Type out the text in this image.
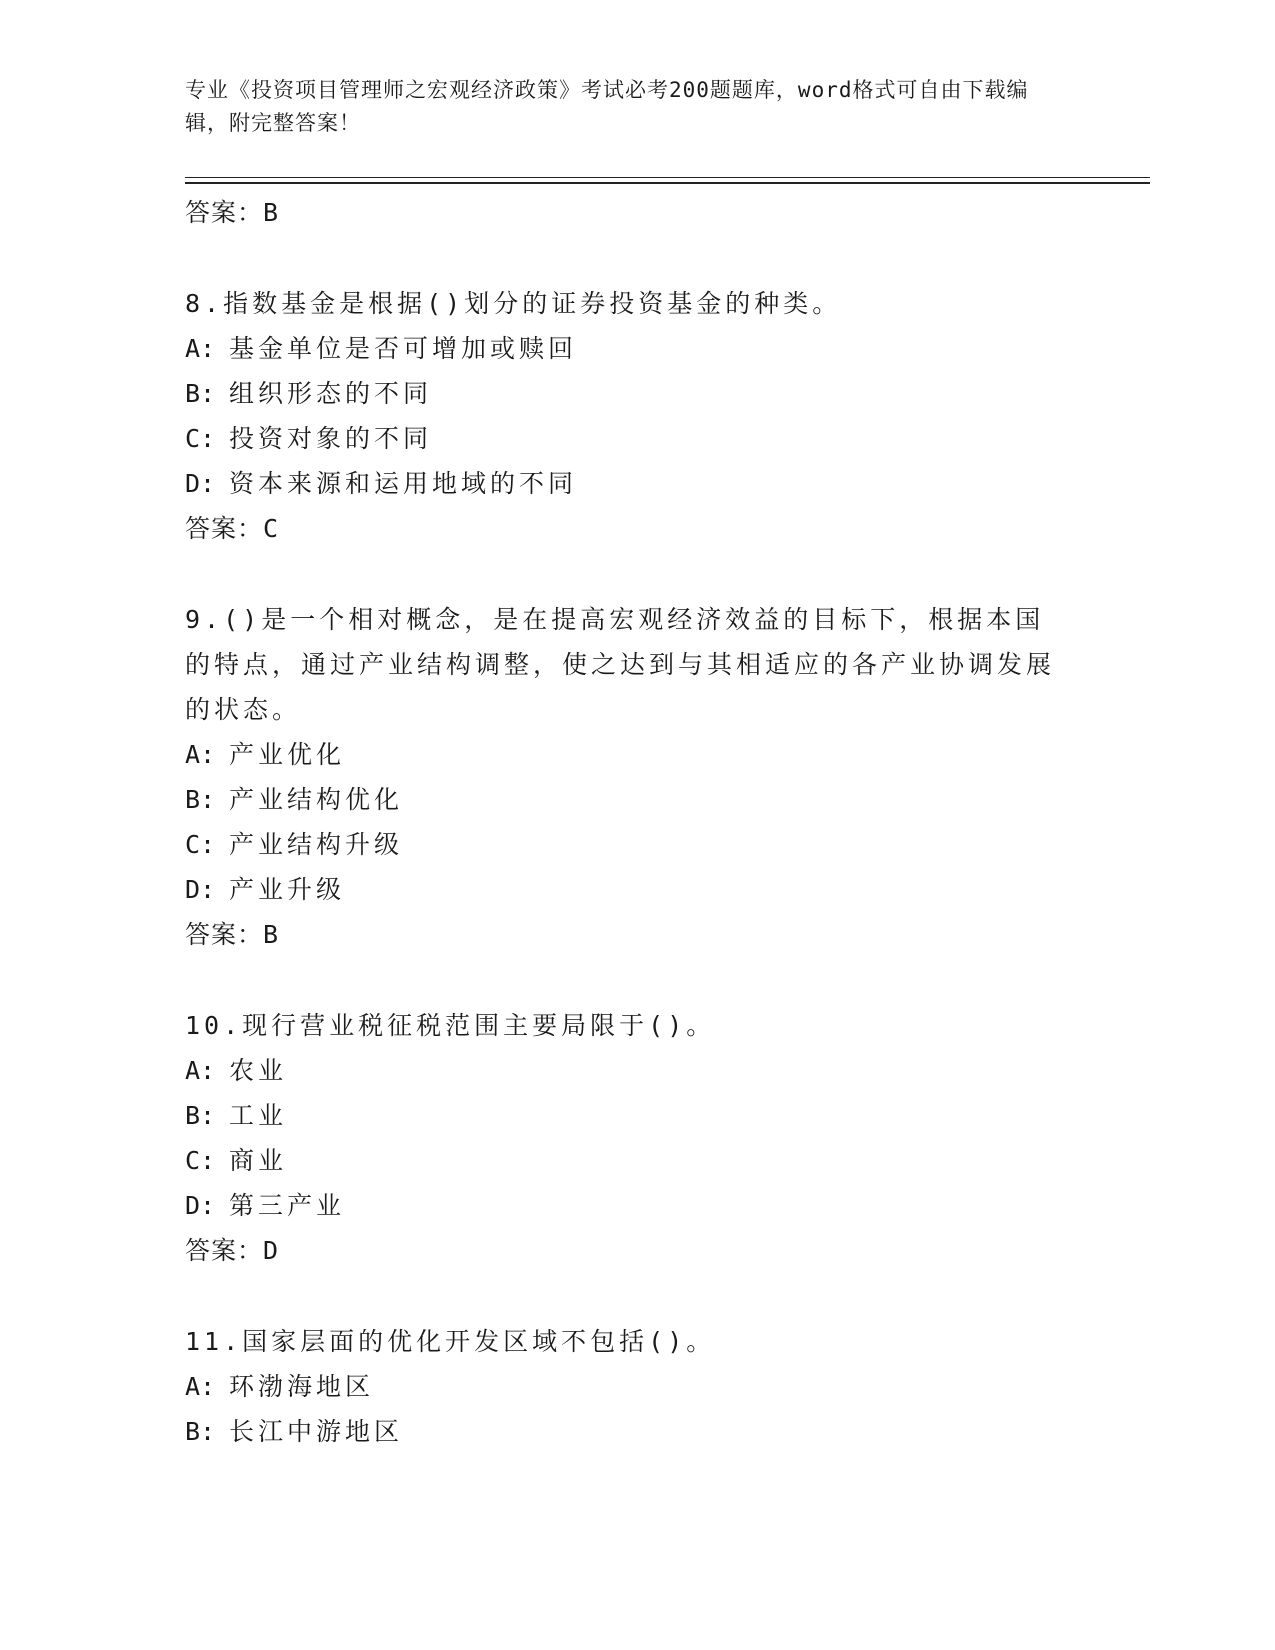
专业《投资项目管理师之宏观经济政策》考试必考200题题库，word格式可自由下载编辑，附完整答案！
答案：B
8.指数基金是根据()划分的证券投资基金的种类。
A: 基金单位是否可增加或赎回
B: 组织形态的不同
C: 投资对象的不同
D: 资本来源和运用地域的不同
答案：C
9.()是一个相对概念，是在提高宏观经济效益的目标下，根据本国的特点，通过产业结构调整，使之达到与其相适应的各产业协调发展的状态。
A: 产业优化
B: 产业结构优化
C: 产业结构升级
D: 产业升级
答案：B
10.现行营业税征税范围主要局限于()。
A: 农业
B: 工业
C: 商业
D: 第三产业
答案：D
11.国家层面的优化开发区域不包括()。
A: 环渤海地区
B: 长江中游地区
